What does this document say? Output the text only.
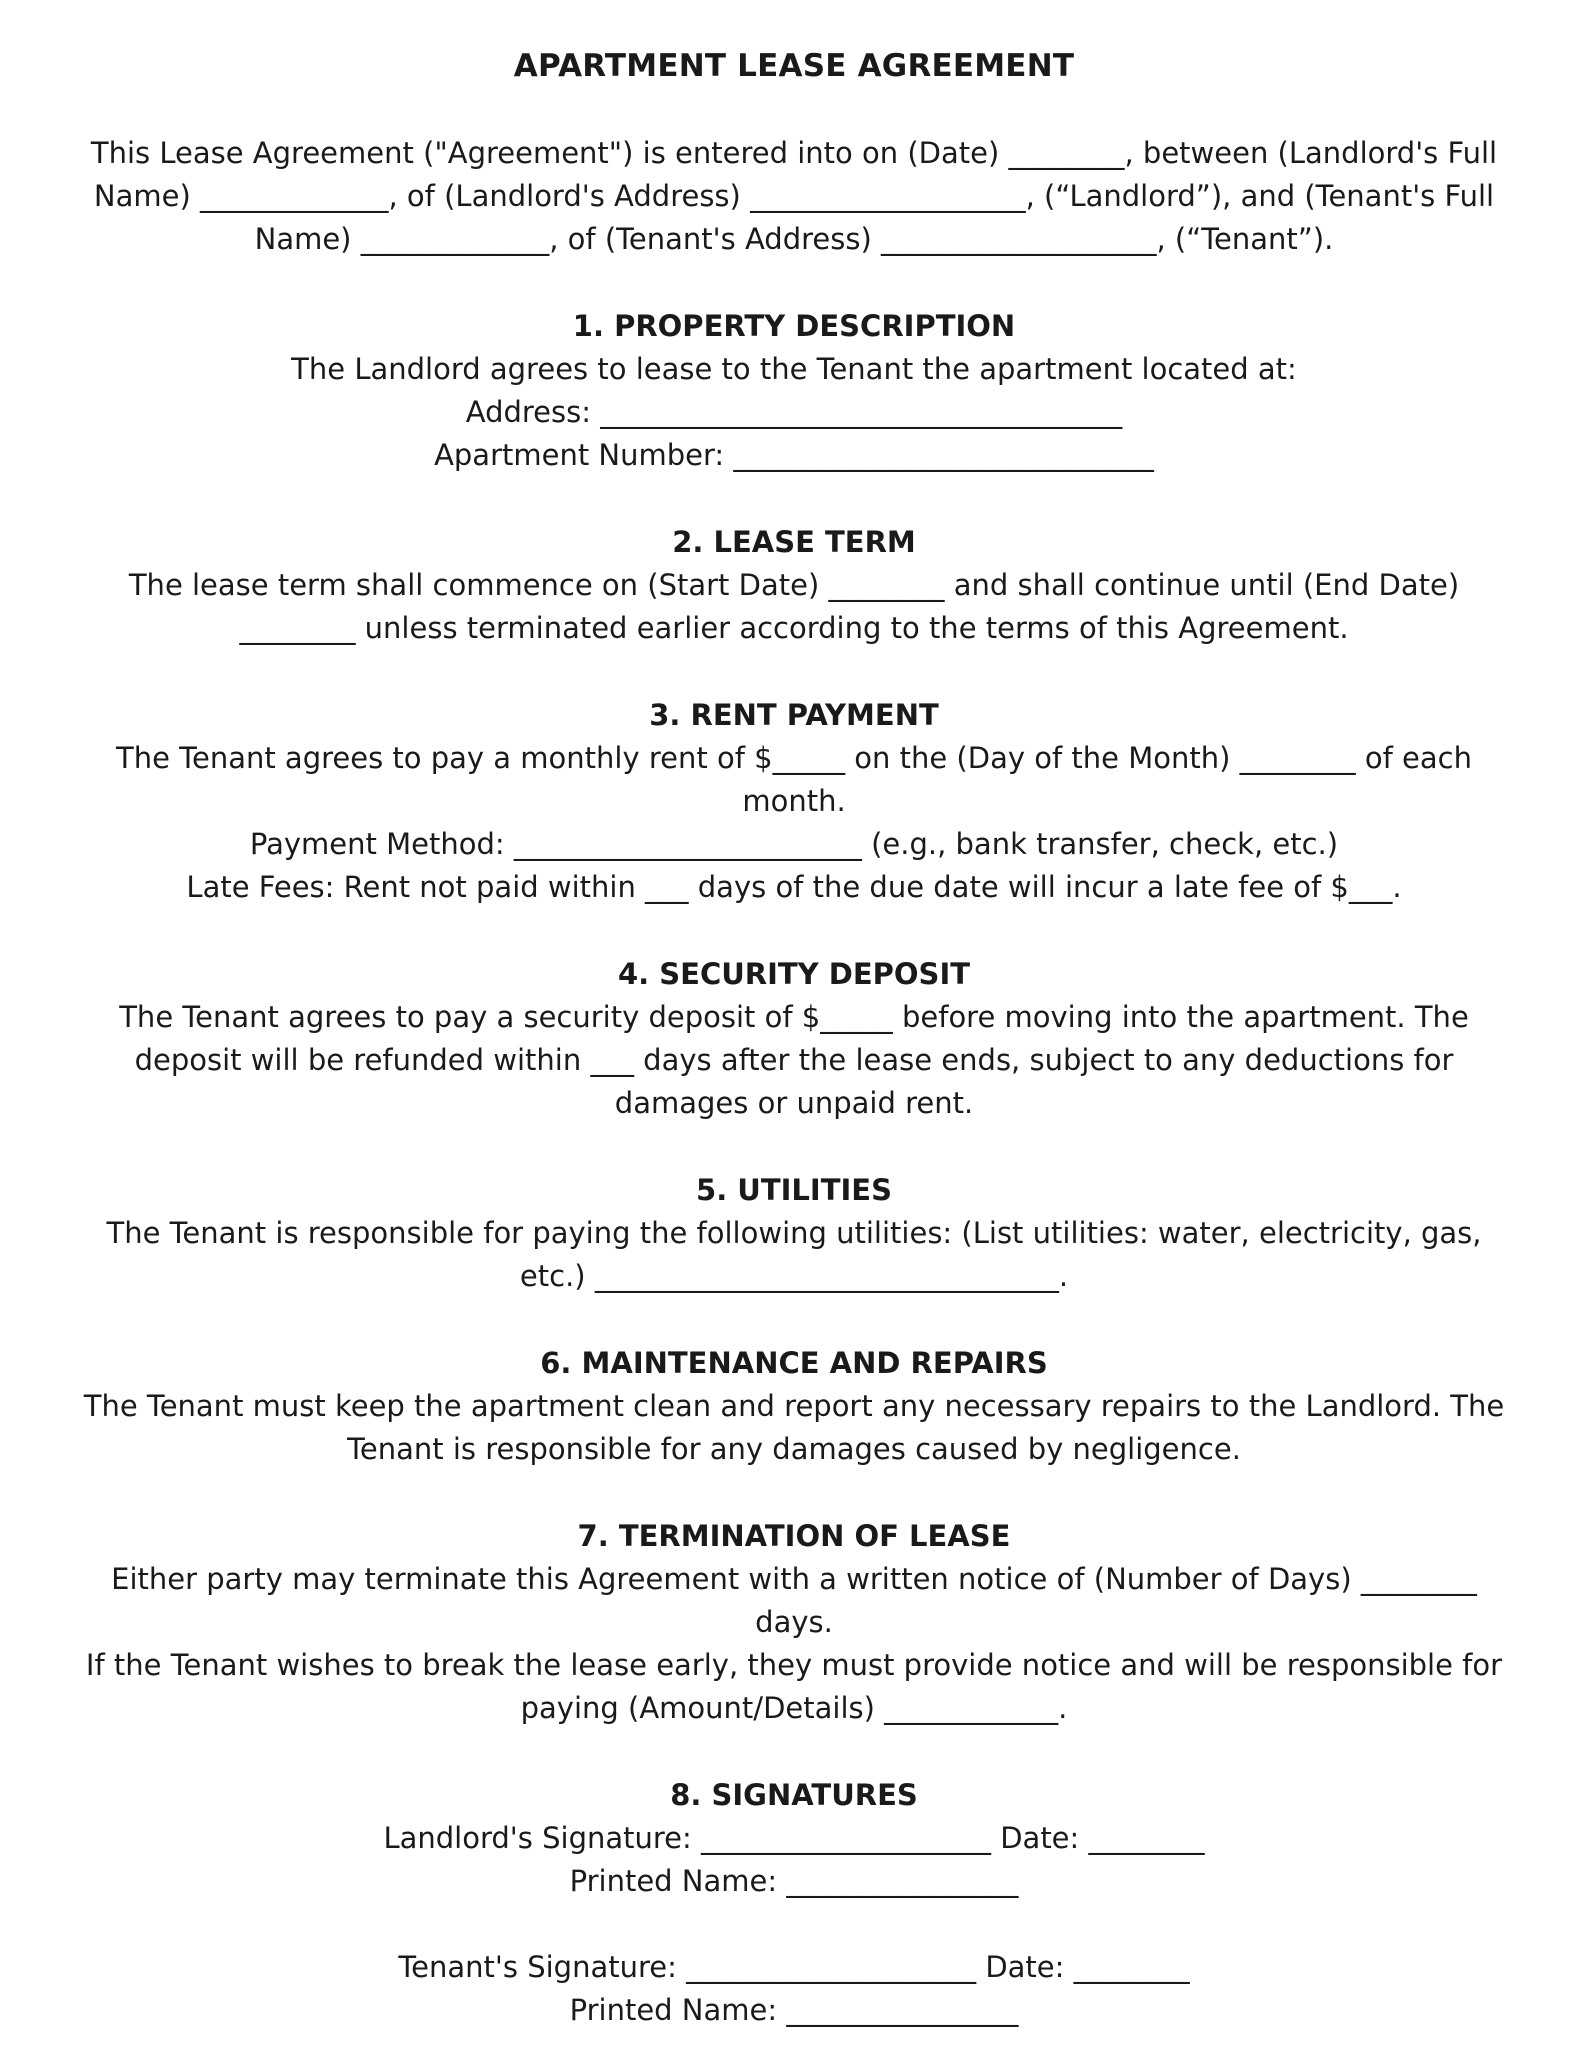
APARTMENT LEASE AGREEMENT

This Lease Agreement ("Agreement") is entered into on (Date) ________, between (Landlord's Full

Name) _____________, of (Landlord's Address) ___________________, (“Landlord”), and (Tenant's Full

Name) _____________, of (Tenant's Address) ___________________, (“Tenant”).

1. PROPERTY DESCRIPTION

The Landlord agrees to lease to the Tenant the apartment located at:

Address: ____________________________________

Apartment Number: _____________________________

2. LEASE TERM

The lease term shall commence on (Start Date) ________ and shall continue until (End Date)

________ unless terminated earlier according to the terms of this Agreement.

3. RENT PAYMENT

The Tenant agrees to pay a monthly rent of $_____ on the (Day of the Month) ________ of each

month.

Payment Method: ________________________ (e.g., bank transfer, check, etc.)

Late Fees: Rent not paid within ___ days of the due date will incur a late fee of $___.

4. SECURITY DEPOSIT

The Tenant agrees to pay a security deposit of $_____ before moving into the apartment. The

deposit will be refunded within ___ days after the lease ends, subject to any deductions for

damages or unpaid rent.

5. UTILITIES

The Tenant is responsible for paying the following utilities: (List utilities: water, electricity, gas,

etc.) ________________________________.

6. MAINTENANCE AND REPAIRS

The Tenant must keep the apartment clean and report any necessary repairs to the Landlord. The

Tenant is responsible for any damages caused by negligence.

7. TERMINATION OF LEASE

Either party may terminate this Agreement with a written notice of (Number of Days) ________

days.

If the Tenant wishes to break the lease early, they must provide notice and will be responsible for

paying (Amount/Details) ____________.

8. SIGNATURES

Landlord's Signature: ____________________ Date: ________

Printed Name: ________________

Tenant's Signature: ____________________ Date: ________

Printed Name: ________________
